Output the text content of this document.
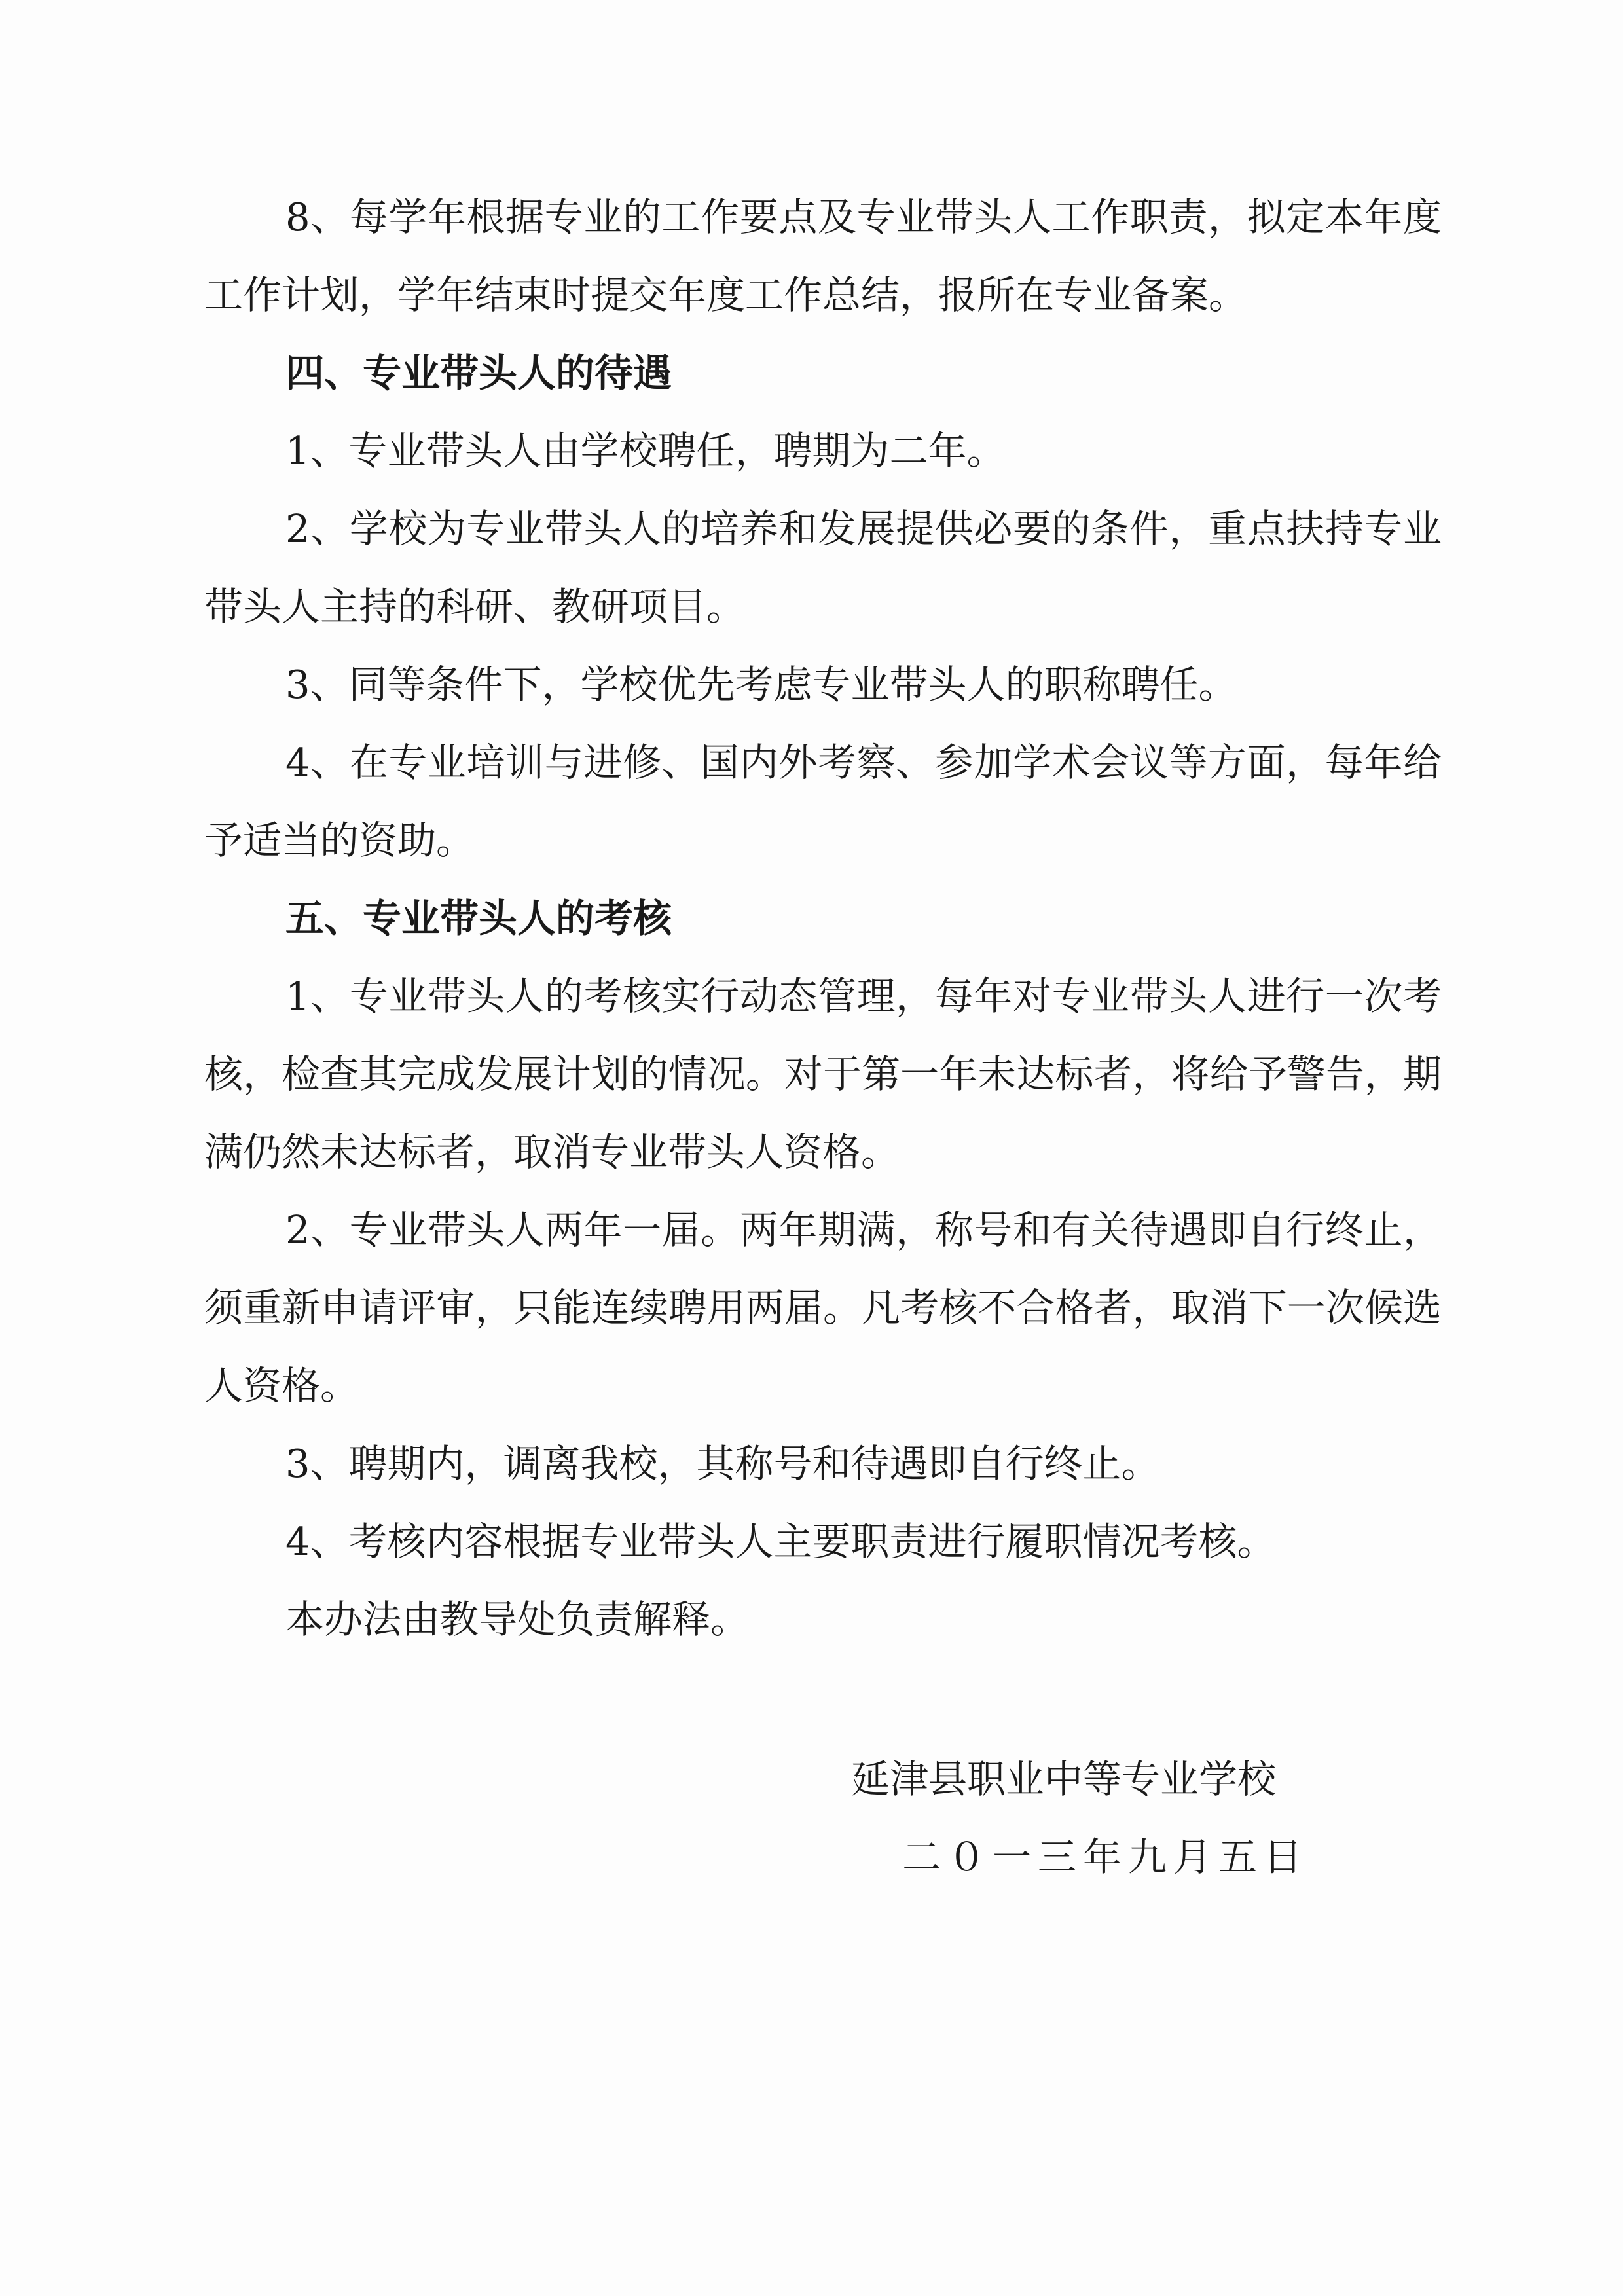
8、每学年根据专业的工作要点及专业带头人工作职责，拟定本年度工作计划，学年结束时提交年度工作总结，报所在专业备案。

四、专业带头人的待遇

1、专业带头人由学校聘任，聘期为二年。

2、学校为专业带头人的培养和发展提供必要的条件，重点扶持专业带头人主持的科研、教研项目。

3、同等条件下，学校优先考虑专业带头人的职称聘任。

4、在专业培训与进修、国内外考察、参加学术会议等方面，每年给予适当的资助。

五、专业带头人的考核

1、专业带头人的考核实行动态管理，每年对专业带头人进行一次考核，检查其完成发展计划的情况。对于第一年未达标者，将给予警告，期满仍然未达标者，取消专业带头人资格。

2、专业带头人两年一届。两年期满，称号和有关待遇即自行终止，须重新申请评审，只能连续聘用两届。凡考核不合格者，取消下一次候选人资格。

3、聘期内，调离我校，其称号和待遇即自行终止。

4、考核内容根据专业带头人主要职责进行履职情况考核。

本办法由教导处负责解释。

延津县职业中等专业学校

二０一三年九月五日
